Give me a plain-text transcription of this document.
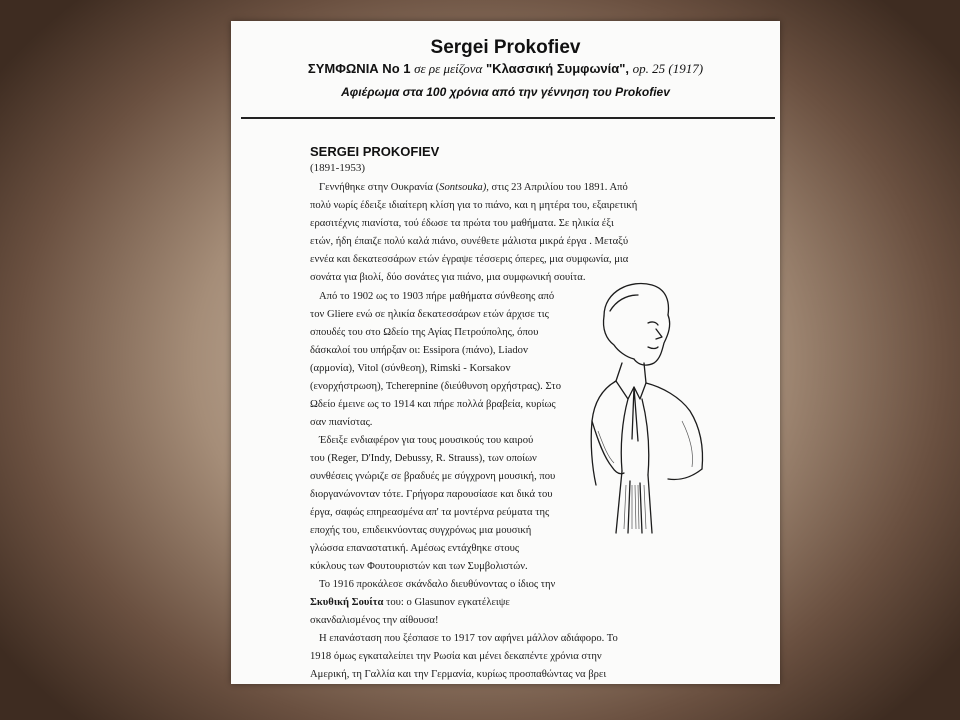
Sergei Prokofiev
ΣΥΜΦΩΝΙΑ Νο 1 σε ρε μείζονα "Κλασσική Συμφωνία", op. 25 (1917)
Αφιέρωμα στα 100 χρόνια από την γέννηση του Prokofiev
SERGEI PROKOFIEV
(1891-1953)
Γεννήθηκε στην Ουκρανία (Sontsouka), στις 23 Απριλίου του 1891. Από
πολύ νωρίς έδειξε ιδιαίτερη κλίση για το πιάνο, και η μητέρα του, εξαιρετική
ερασιτέχνις πιανίστα, τού έδωσε τα πρώτα του μαθήματα. Σε ηλικία έξι
ετών, ήδη έπαιζε πολύ καλά πιάνο, συνέθετε μάλιστα μικρά έργα . Μεταξύ
εννέα και δεκατεσσάρων ετών έγραψε τέσσερις όπερες, μια συμφωνία, μια
σονάτα για βιολί, δύο σονάτες για πιάνο, μια συμφωνική σουίτα.
Από το 1902 ως το 1903 πήρε μαθήματα σύνθεσης από
τον Gliere ενώ σε ηλικία δεκατεσσάρων ετών άρχισε τις
σπουδές του στο Ωδείο της Αγίας Πετρούπολης, όπου
δάσκαλοί του υπήρξαν οι: Essipora (πιάνο), Liadov
(αρμονία), Vitol (σύνθεση), Rimski - Korsakov
(ενορχήστρωση), Tcherepnine (διεύθυνση ορχήστρας). Στο
Ωδείο έμεινε ως το 1914 και πήρε πολλά βραβεία, κυρίως
σαν πιανίστας.
Έδειξε ενδιαφέρον για τους μουσικούς του καιρού
του (Reger, D'Indy, Debussy, R. Strauss), των οποίων
συνθέσεις γνώριζε σε βραδυές με σύγχρονη μουσική, που
διοργανώνονταν τότε. Γρήγορα παρουσίασε και δικά του
έργα, σαφώς επηρεασμένα απ' τα μοντέρνα ρεύματα της
εποχής του, επιδεικνύοντας συγχρόνως μια μουσική
γλώσσα επαναστατική. Αμέσως εντάχθηκε στους
κύκλους των Φουτουριστών και των Συμβολιστών.
Το 1916 προκάλεσε σκάνδαλο διευθύνοντας ο ίδιος την
Σκυθική Σουίτα του: ο Glasunov εγκατέλειψε
σκανδαλισμένος την αίθουσα!
Η επανάσταση που ξέσπασε το 1917 τον αφήνει μάλλον αδιάφορο. Το
1918 όμως εγκαταλείπει την Ρωσία και μένει δεκαπέντε χρόνια στην
Αμερική, τη Γαλλία και την Γερμανία, κυρίως προσπαθώντας να βρει
